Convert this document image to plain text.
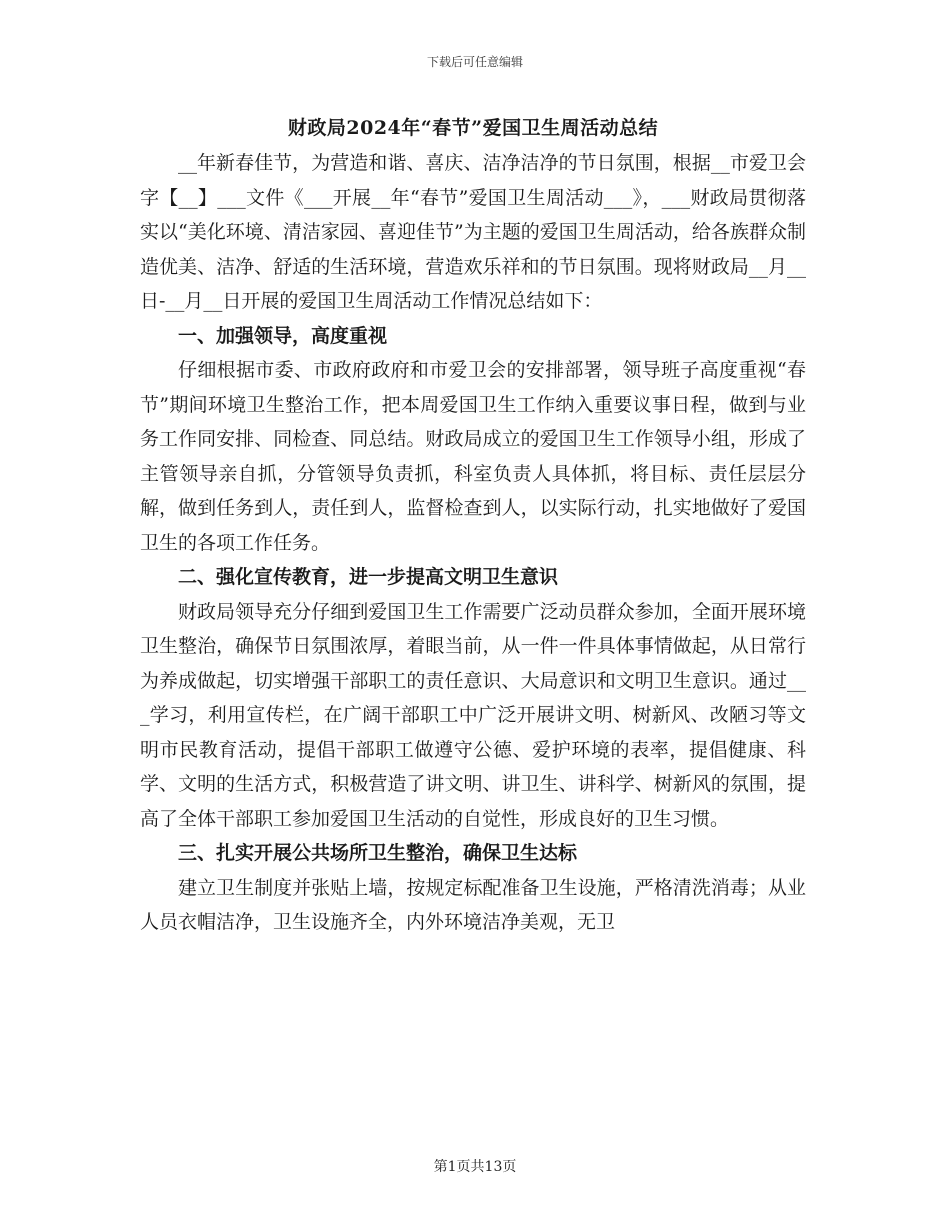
下载后可任意编辑
财政局2024年“春节”爱国卫生周活动总结

__年新春佳节，为营造和谐、喜庆、洁净洁净的节日氛围，根据__市爱卫会字【__】___文件《___开展__年“春节”爱国卫生周活动___》，___财政局贯彻落实以“美化环境、清洁家园、喜迎佳节”为主题的爱国卫生周活动，给各族群众制造优美、洁净、舒适的生活环境，营造欢乐祥和的节日氛围。现将财政局__月__日-__月__日开展的爱国卫生周活动工作情况总结如下：

一、加强领导，高度重视

仔细根据市委、市政府政府和市爱卫会的安排部署，领导班子高度重视“春节”期间环境卫生整治工作，把本周爱国卫生工作纳入重要议事日程，做到与业务工作同安排、同检查、同总结。财政局成立的爱国卫生工作领导小组，形成了主管领导亲自抓，分管领导负责抓，科室负责人具体抓，将目标、责任层层分解，做到任务到人，责任到人，监督检查到人，以实际行动，扎实地做好了爱国卫生的各项工作任务。

二、强化宣传教育，进一步提高文明卫生意识

财政局领导充分仔细到爱国卫生工作需要广泛动员群众参加，全面开展环境卫生整治，确保节日氛围浓厚，着眼当前，从一件一件具体事情做起，从日常行为养成做起，切实增强干部职工的责任意识、大局意识和文明卫生意识。通过___学习，利用宣传栏，在广阔干部职工中广泛开展讲文明、树新风、改陋习等文明市民教育活动，提倡干部职工做遵守公德、爱护环境的表率，提倡健康、科学、文明的生活方式，积极营造了讲文明、讲卫生、讲科学、树新风的氛围，提高了全体干部职工参加爱国卫生活动的自觉性，形成良好的卫生习惯。

三、扎实开展公共场所卫生整治，确保卫生达标

建立卫生制度并张贴上墙，按规定标配准备卫生设施，严格清洗消毒；从业人员衣帽洁净，卫生设施齐全，内外环境洁净美观，无卫

第1页共13页
